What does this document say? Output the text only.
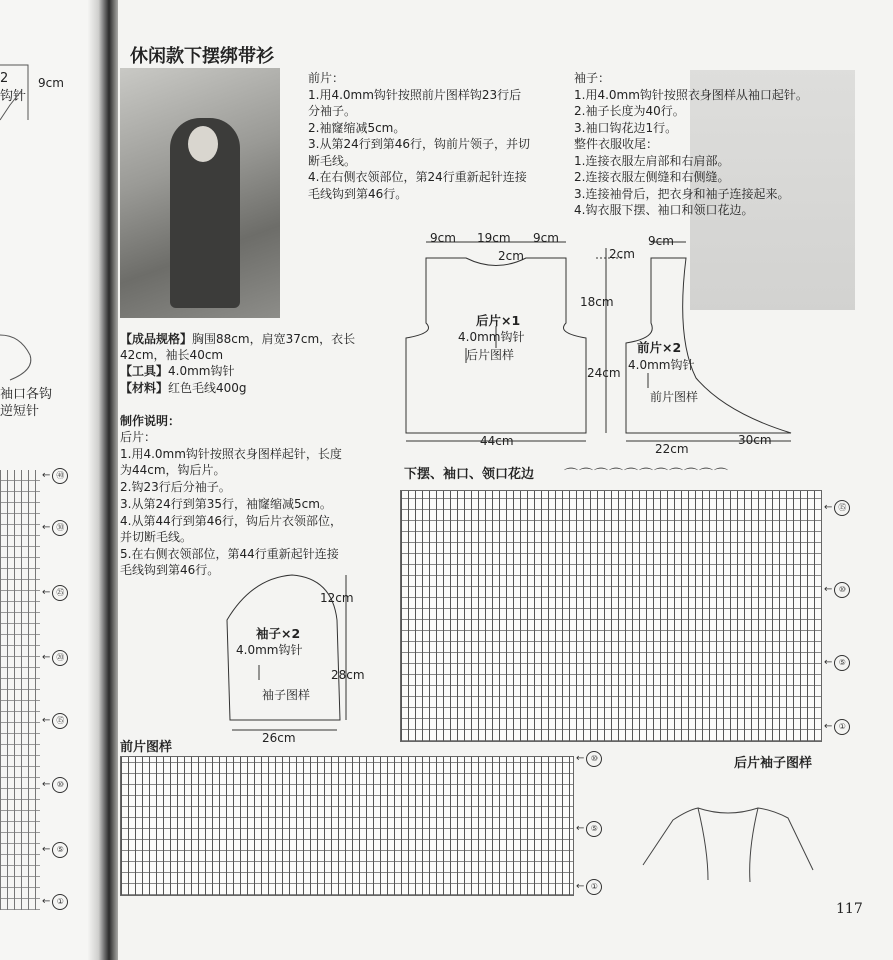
9cm
2
钩针
袖口各钩
逆短针
← ㊵
← ㉚
← ㉕
← ⑳
← ⑮
← ⑩
← ⑤
← ①
休闲款下摆绑带衫
【成品规格】胸围88cm，肩宽37cm，衣长
42cm，袖长40cm
【工具】4.0mm钩针
【材料】红色毛线400g
制作说明：
后片：
1.用4.0mm钩针按照衣身图样起针，长度
为44cm，钩后片。
2.钩23行后分袖子。
3.从第24行到第35行，袖窿缩减5cm。
4.从第44行到第46行，钩后片衣领部位，
并切断毛线。
5.在右侧衣领部位，第44行重新起针连接
毛线钩到第46行。
前片：
1.用4.0mm钩针按照前片图样钩23行后
分袖子。
2.袖窿缩减5cm。
3.从第24行到第46行，钩前片领子，并切
断毛线。
4.在右侧衣领部位，第24行重新起针连接
毛线钩到第46行。
袖子：
1.用4.0mm钩针按照衣身图样从袖口起针。
2.袖子长度为40行。
3.袖口钩花边1行。
整件衣服收尾：
1.连接衣服左肩部和右肩部。
2.连接衣服左侧缝和右侧缝。
3.连接袖骨后，把衣身和袖子连接起来。
4.钩衣服下摆、袖口和领口花边。
9cm 19cm 9cm
2cm
后片×1
4.0mm钩针
后片图样
44cm
9cm
2cm
18cm
24cm
前片×2
4.0mm钩针
前片图样
22cm
30cm
12cm
袖子×2
4.0mm钩针
28cm
袖子图样
26cm
下摆、袖口、领口花边 ⌒⌒⌒⌒⌒⌒⌒⌒⌒⌒⌒
← ⑮
← ⑩
← ⑤
← ①
前片图样
← ⑩
← ⑤
← ①
后片袖子图样
117
